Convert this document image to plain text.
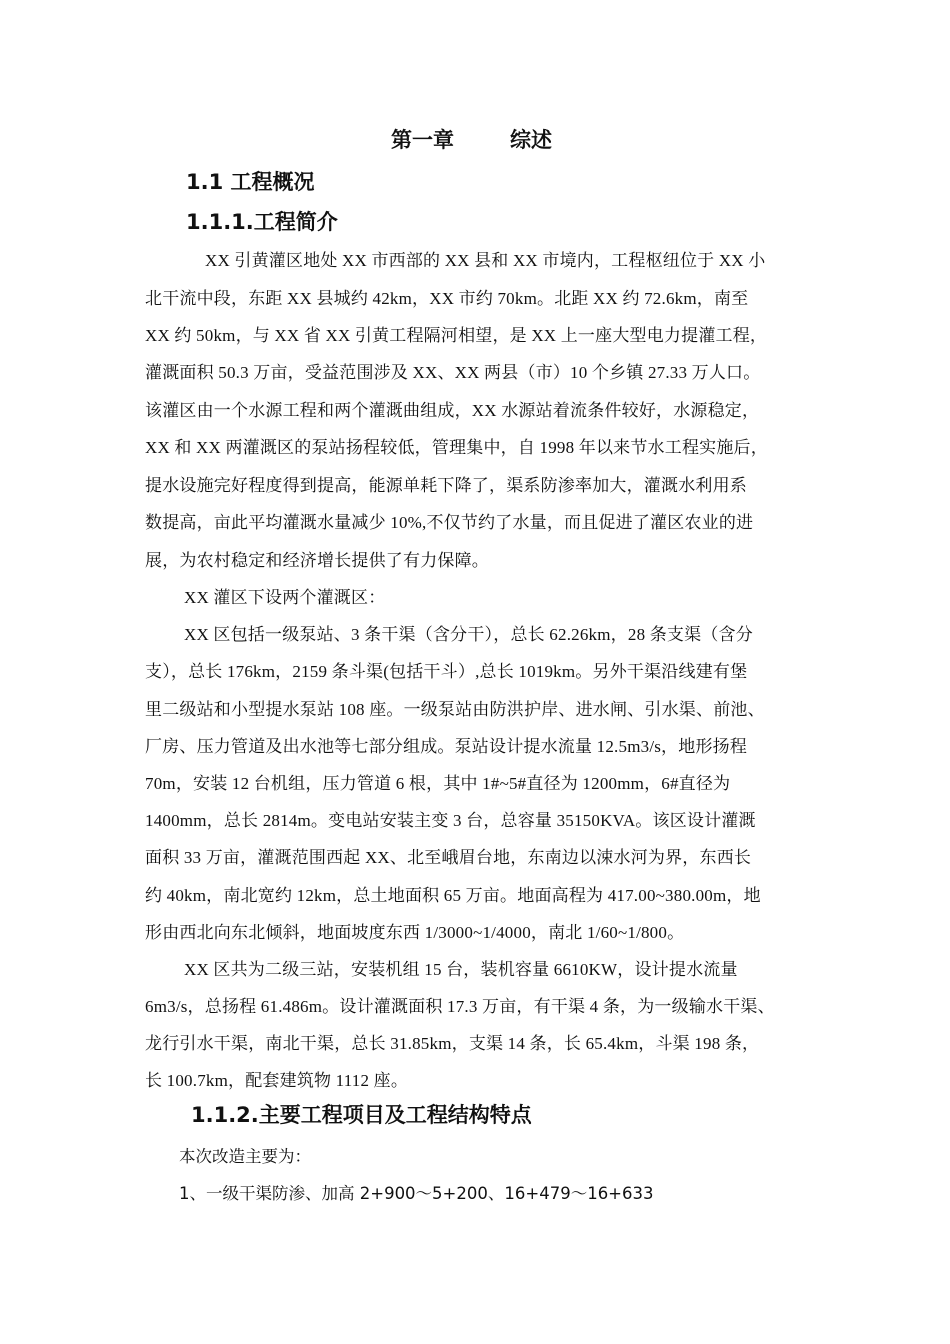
第一章	综述
1.1 工程概况
1.1.1.工程简介
XX 引黄灌区地处 XX 市西部的 XX 县和 XX 市境内，工程枢纽位于 XX 小
北干流中段，东距 XX 县城约 42km，XX 市约 70km。北距 XX 约 72.6km，南至
XX 约 50km，与 XX 省 XX 引黄工程隔河相望，是 XX 上一座大型电力提灌工程，
灌溉面积 50.3 万亩，受益范围涉及 XX、XX 两县（市）10 个乡镇 27.33 万人口。
该灌区由一个水源工程和两个灌溉曲组成，XX 水源站着流条件较好，水源稳定，
XX 和 XX 两灌溉区的泵站扬程较低，管理集中，自 1998 年以来节水工程实施后，
提水设施完好程度得到提高，能源单耗下降了，渠系防渗率加大，灌溉水利用系
数提高，亩此平均灌溉水量减少 10%,不仅节约了水量，而且促进了灌区农业的进
展，为农村稳定和经济增长提供了有力保障。
XX 灌区下设两个灌溉区：
XX 区包括一级泵站、3 条干渠（含分干），总长 62.26km，28 条支渠（含分
支），总长 176km，2159 条斗渠(包括干斗）,总长 1019km。另外干渠沿线建有堡
里二级站和小型提水泵站 108 座。一级泵站由防洪护岸、进水闸、引水渠、前池、
厂房、压力管道及出水池等七部分组成。泵站设计提水流量 12.5m3/s，地形扬程
70m，安装 12 台机组，压力管道 6 根，其中 1#~5#直径为 1200mm，6#直径为
1400mm，总长 2814m。变电站安装主变 3 台，总容量 35150KVA。该区设计灌溉
面积 33 万亩，灌溉范围西起 XX、北至峨眉台地，东南边以涑水河为界，东西长
约 40km，南北宽约 12km，总土地面积 65 万亩。地面高程为 417.00~380.00m，地
形由西北向东北倾斜，地面坡度东西 1/3000~1/4000，南北 1/60~1/800。
XX 区共为二级三站，安装机组 15 台，装机容量 6610KW，设计提水流量
6m3/s，总扬程 61.486m。设计灌溉面积 17.3 万亩，有干渠 4 条，为一级输水干渠、
龙行引水干渠，南北干渠，总长 31.85km，支渠 14 条，长 65.4km，斗渠 198 条，
长 100.7km，配套建筑物 1112 座。
1.1.2.主要工程项目及工程结构特点
本次改造主要为：
1、一级干渠防渗、加高 2+900～5+200、16+479～16+633
